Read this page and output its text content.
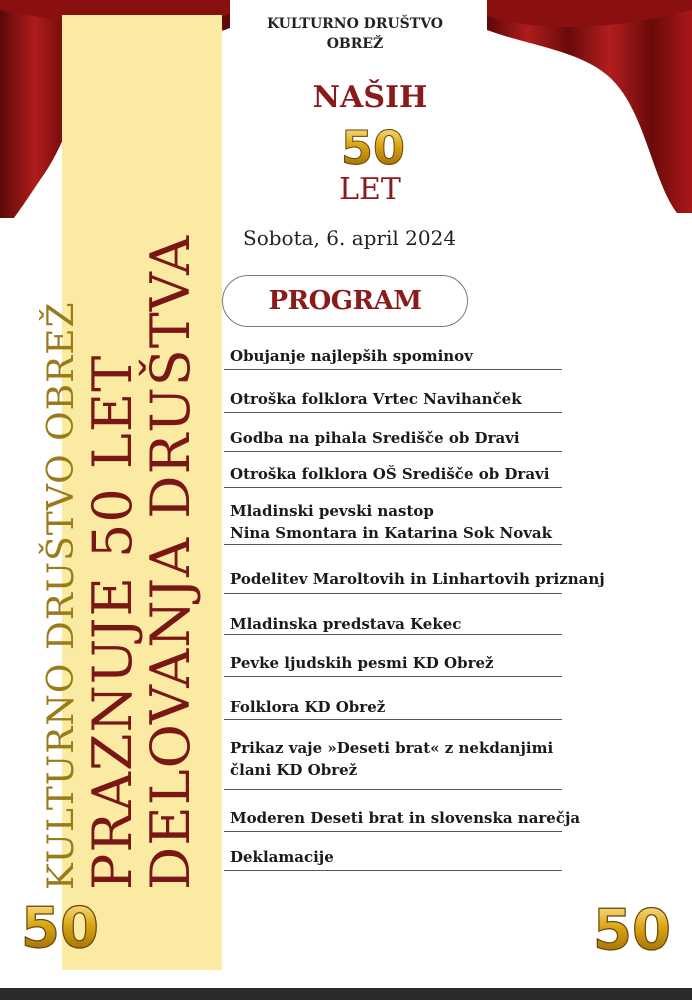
KULTURNO DRUŠTVO OBREŽ PRAZNUJE 50 LET
DELOVANJA DRUŠTVA
KULTURNO DRUŠTVO
OBREŽ
NAŠIH
50
LET
Sobota, 6. april 2024
PROGRAM
Obujanje najlepših spominov
Otroška folklora Vrtec Navihanček
Godba na pihala Središče ob Dravi
Otroška folklora OŠ Središče ob Dravi
Mladinski pevski nastop
Nina Smontara in Katarina Sok Novak
Podelitev Maroltovih in Linhartovih priznanj
Mladinska predstava Kekec
Pevke ljudskih pesmi KD Obrež
Folklora KD Obrež
Prikaz vaje »Deseti brat« z nekdanjimi
člani KD Obrež
Moderen Deseti brat in slovenska narečja
Deklamacije
50	50
